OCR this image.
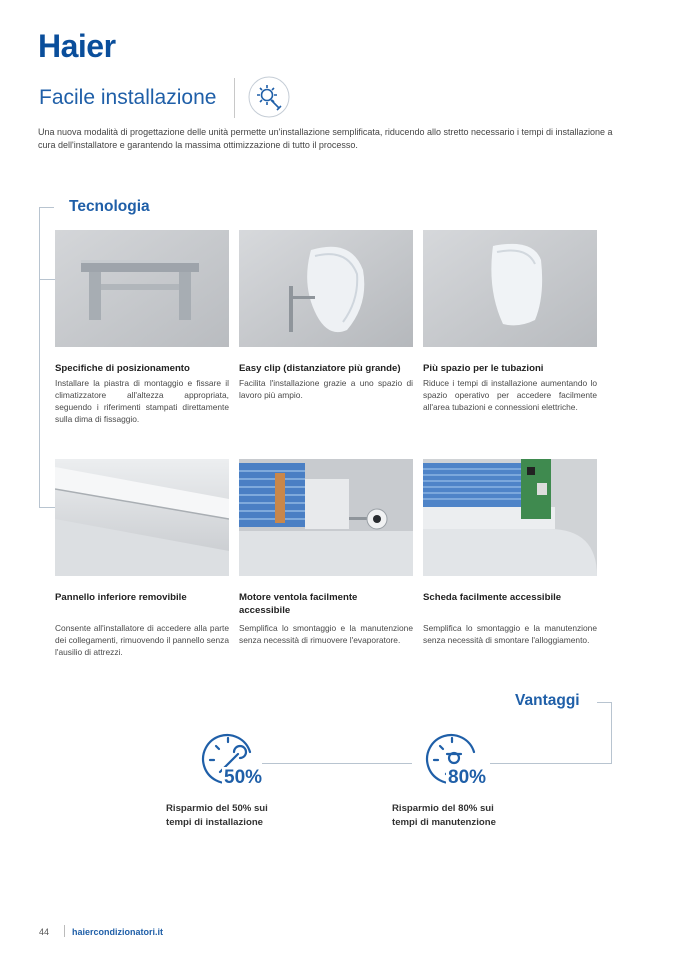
Haier
Facile installazione

Una nuova modalità di progettazione delle unità permette un'installazione semplificata, riducendo allo stretto necessario i tempi di installazione a cura dell'installatore e garantendo la massima ottimizzazione di tutto il processo.

Tecnologia
Specifiche di posizionamento

Installare la piastra di montaggio e fissare il climatizzatore all'altezza appropriata, seguendo i riferimenti stampati direttamente sulla dima di fissaggio.

Easy clip (distanziatore più grande)

Facilita l'installazione grazie a uno spazio di lavoro più ampio.

Più spazio per le tubazioni

Riduce i tempi di installazione aumentando lo spazio operativo per accedere facilmente all'area tubazioni e connessioni elettriche.

Pannello inferiore removibile

Consente all'installatore di accedere alla parte dei collegamenti, rimuovendo il pannello senza l'ausilio di attrezzi.

Motore ventola facilmente accessibile

Semplifica lo smontaggio e la manutenzione senza necessità di rimuovere l'evaporatore.

Scheda facilmente accessibile

Semplifica lo smontaggio e la manutenzione senza necessità di smontare l'alloggiamento.

Vantaggi
50%
Risparmio del 50% sui
tempi di installazione
80%
Risparmio del 80% sui
tempi di manutenzione
44	haiercondizionatori.it
